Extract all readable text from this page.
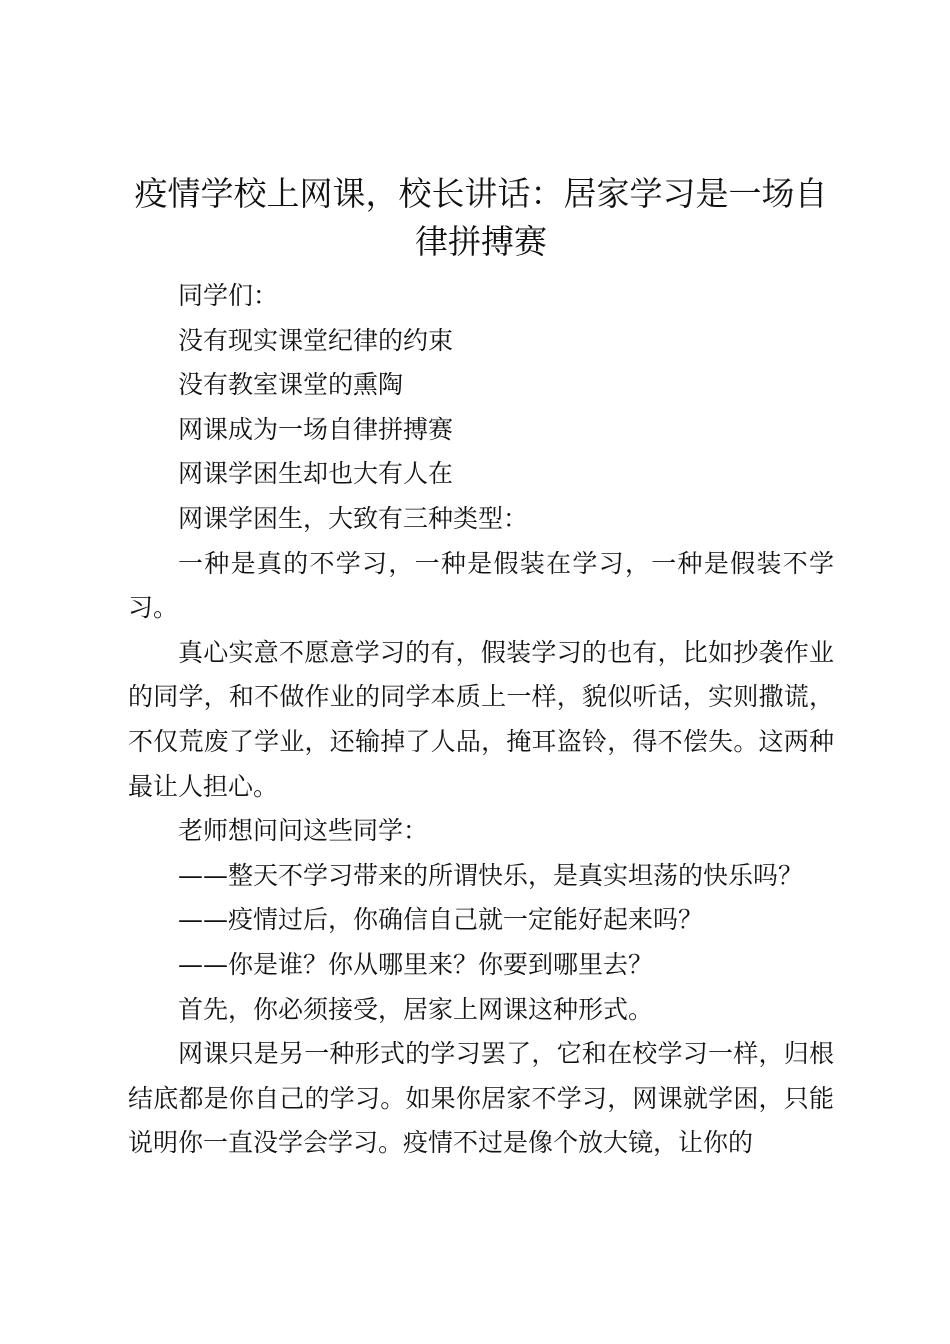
疫情学校上网课，校长讲话：居家学习是一场自律拼搏赛

同学们：

没有现实课堂纪律的约束

没有教室课堂的熏陶

网课成为一场自律拼搏赛

网课学困生却也大有人在

网课学困生，大致有三种类型：

一种是真的不学习，一种是假装在学习，一种是假装不学习。

真心实意不愿意学习的有，假装学习的也有，比如抄袭作业的同学，和不做作业的同学本质上一样，貌似听话，实则撒谎，不仅荒废了学业，还输掉了人品，掩耳盗铃，得不偿失。这两种最让人担心。

老师想问问这些同学：

——整天不学习带来的所谓快乐，是真实坦荡的快乐吗？

——疫情过后，你确信自己就一定能好起来吗？

——你是谁？你从哪里来？你要到哪里去？

首先，你必须接受，居家上网课这种形式。

网课只是另一种形式的学习罢了，它和在校学习一样，归根结底都是你自己的学习。如果你居家不学习，网课就学困，只能说明你一直没学会学习。疫情不过是像个放大镜，让你的
